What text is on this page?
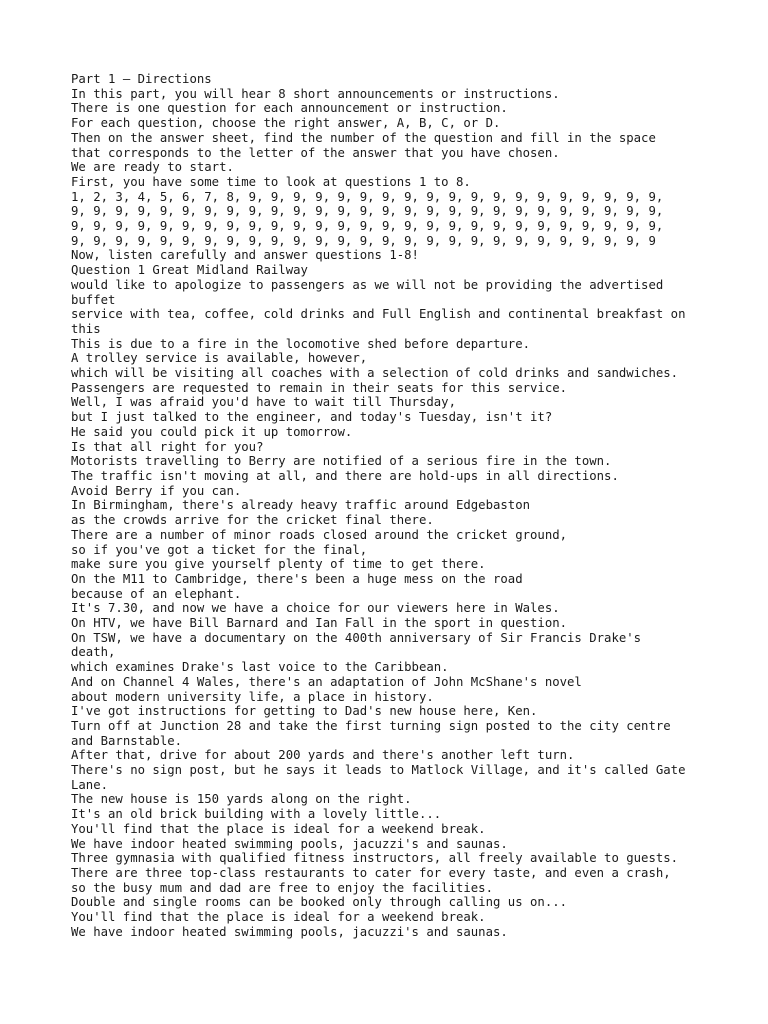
Part 1 – Directions

In this part, you will hear 8 short announcements or instructions.

There is one question for each announcement or instruction.

For each question, choose the right answer, A, B, C, or D.

Then on the answer sheet, find the number of the question and fill in the space

that corresponds to the letter of the answer that you have chosen.

We are ready to start.

First, you have some time to look at questions 1 to 8.

1, 2, 3, 4, 5, 6, 7, 8, 9, 9, 9, 9, 9, 9, 9, 9, 9, 9, 9, 9, 9, 9, 9, 9, 9, 9, 9,

9, 9, 9, 9, 9, 9, 9, 9, 9, 9, 9, 9, 9, 9, 9, 9, 9, 9, 9, 9, 9, 9, 9, 9, 9, 9, 9,

9, 9, 9, 9, 9, 9, 9, 9, 9, 9, 9, 9, 9, 9, 9, 9, 9, 9, 9, 9, 9, 9, 9, 9, 9, 9, 9,

9, 9, 9, 9, 9, 9, 9, 9, 9, 9, 9, 9, 9, 9, 9, 9, 9, 9, 9, 9, 9, 9, 9, 9, 9, 9, 9

Now, listen carefully and answer questions 1-8!

Question 1 Great Midland Railway

would like to apologize to passengers as we will not be providing the advertised

buffet

service with tea, coffee, cold drinks and Full English and continental breakfast on

this

This is due to a fire in the locomotive shed before departure.

A trolley service is available, however,

which will be visiting all coaches with a selection of cold drinks and sandwiches.

Passengers are requested to remain in their seats for this service.

Well, I was afraid you'd have to wait till Thursday,

but I just talked to the engineer, and today's Tuesday, isn't it?

He said you could pick it up tomorrow.

Is that all right for you?

Motorists travelling to Berry are notified of a serious fire in the town.

The traffic isn't moving at all, and there are hold-ups in all directions.

Avoid Berry if you can.

In Birmingham, there's already heavy traffic around Edgebaston

as the crowds arrive for the cricket final there.

There are a number of minor roads closed around the cricket ground,

so if you've got a ticket for the final,

make sure you give yourself plenty of time to get there.

On the M11 to Cambridge, there's been a huge mess on the road

because of an elephant.

It's 7.30, and now we have a choice for our viewers here in Wales.

On HTV, we have Bill Barnard and Ian Fall in the sport in question.

On TSW, we have a documentary on the 400th anniversary of Sir Francis Drake's

death,

which examines Drake's last voice to the Caribbean.

And on Channel 4 Wales, there's an adaptation of John McShane's novel

about modern university life, a place in history.

I've got instructions for getting to Dad's new house here, Ken.

Turn off at Junction 28 and take the first turning sign posted to the city centre

and Barnstable.

After that, drive for about 200 yards and there's another left turn.

There's no sign post, but he says it leads to Matlock Village, and it's called Gate

Lane.

The new house is 150 yards along on the right.

It's an old brick building with a lovely little...

You'll find that the place is ideal for a weekend break.

We have indoor heated swimming pools, jacuzzi's and saunas.

Three gymnasia with qualified fitness instructors, all freely available to guests.

There are three top-class restaurants to cater for every taste, and even a crash,

so the busy mum and dad are free to enjoy the facilities.

Double and single rooms can be booked only through calling us on...

You'll find that the place is ideal for a weekend break.

We have indoor heated swimming pools, jacuzzi's and saunas.
